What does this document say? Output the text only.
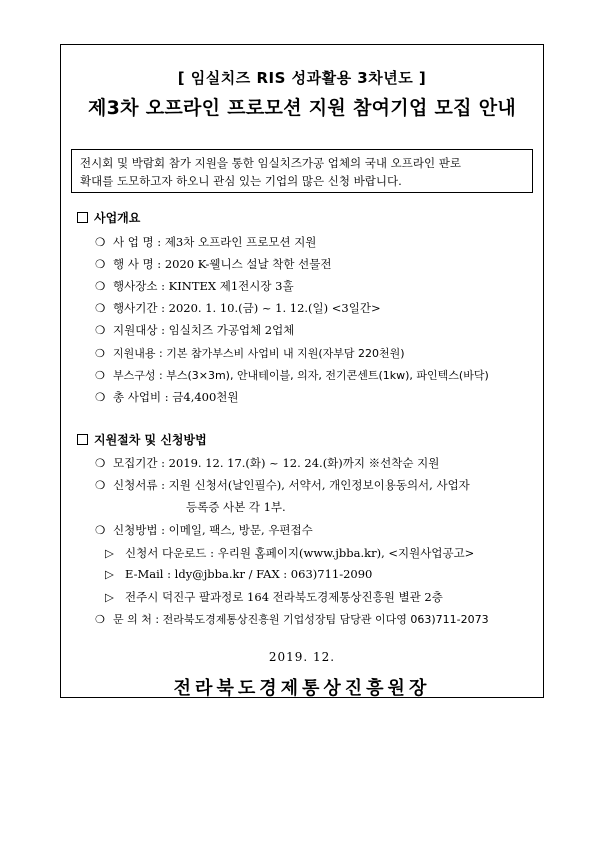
[ 임실치즈 RIS 성과활용 3차년도 ]
제3차 오프라인 프로모션 지원 참여기업 모집 안내
전시회 및 박람회 참가 지원을 통한 임실치즈가공 업체의 국내 오프라인 판로
확대를 도모하고자 하오니 관심 있는 기업의 많은 신청 바랍니다.
사업개요
❍ 사 업 명 : 제3차 오프라인 프로모션 지원
❍ 행 사 명 : 2020 K-웰니스 설날 착한 선물전
❍ 행사장소 : KINTEX 제1전시장 3홀
❍ 행사기간 : 2020. 1. 10.(금) ~ 1. 12.(일) <3일간>
❍ 지원대상 : 임실치즈 가공업체 2업체
❍ 지원내용 : 기본 참가부스비 사업비 내 지원(자부담 220천원)
❍ 부스구성 : 부스(3×3m), 안내테이블, 의자, 전기콘센트(1kw), 파인텍스(바닥)
❍ 총 사업비 : 금4,400천원
지원절차 및 신청방법
❍ 모집기간 : 2019. 12. 17.(화) ~ 12. 24.(화)까지 ※선착순 지원
❍ 신청서류 : 지원 신청서(날인필수), 서약서, 개인정보이용동의서, 사업자
등록증 사본 각 1부.
❍ 신청방법 : 이메일, 팩스, 방문, 우편접수
▷ 신청서 다운로드 : 우리원 홈페이지(www.jbba.kr), <지원사업공고>
▷ E-Mail : ldy@jbba.kr / FAX : 063)711-2090
▷ 전주시 덕진구 팔과정로 164 전라북도경제통상진흥원 별관 2층
❍ 문 의 처 : 전라북도경제통상진흥원 기업성장팀 담당관 이다영 063)711-2073
2019. 12.
전라북도경제통상진흥원장
